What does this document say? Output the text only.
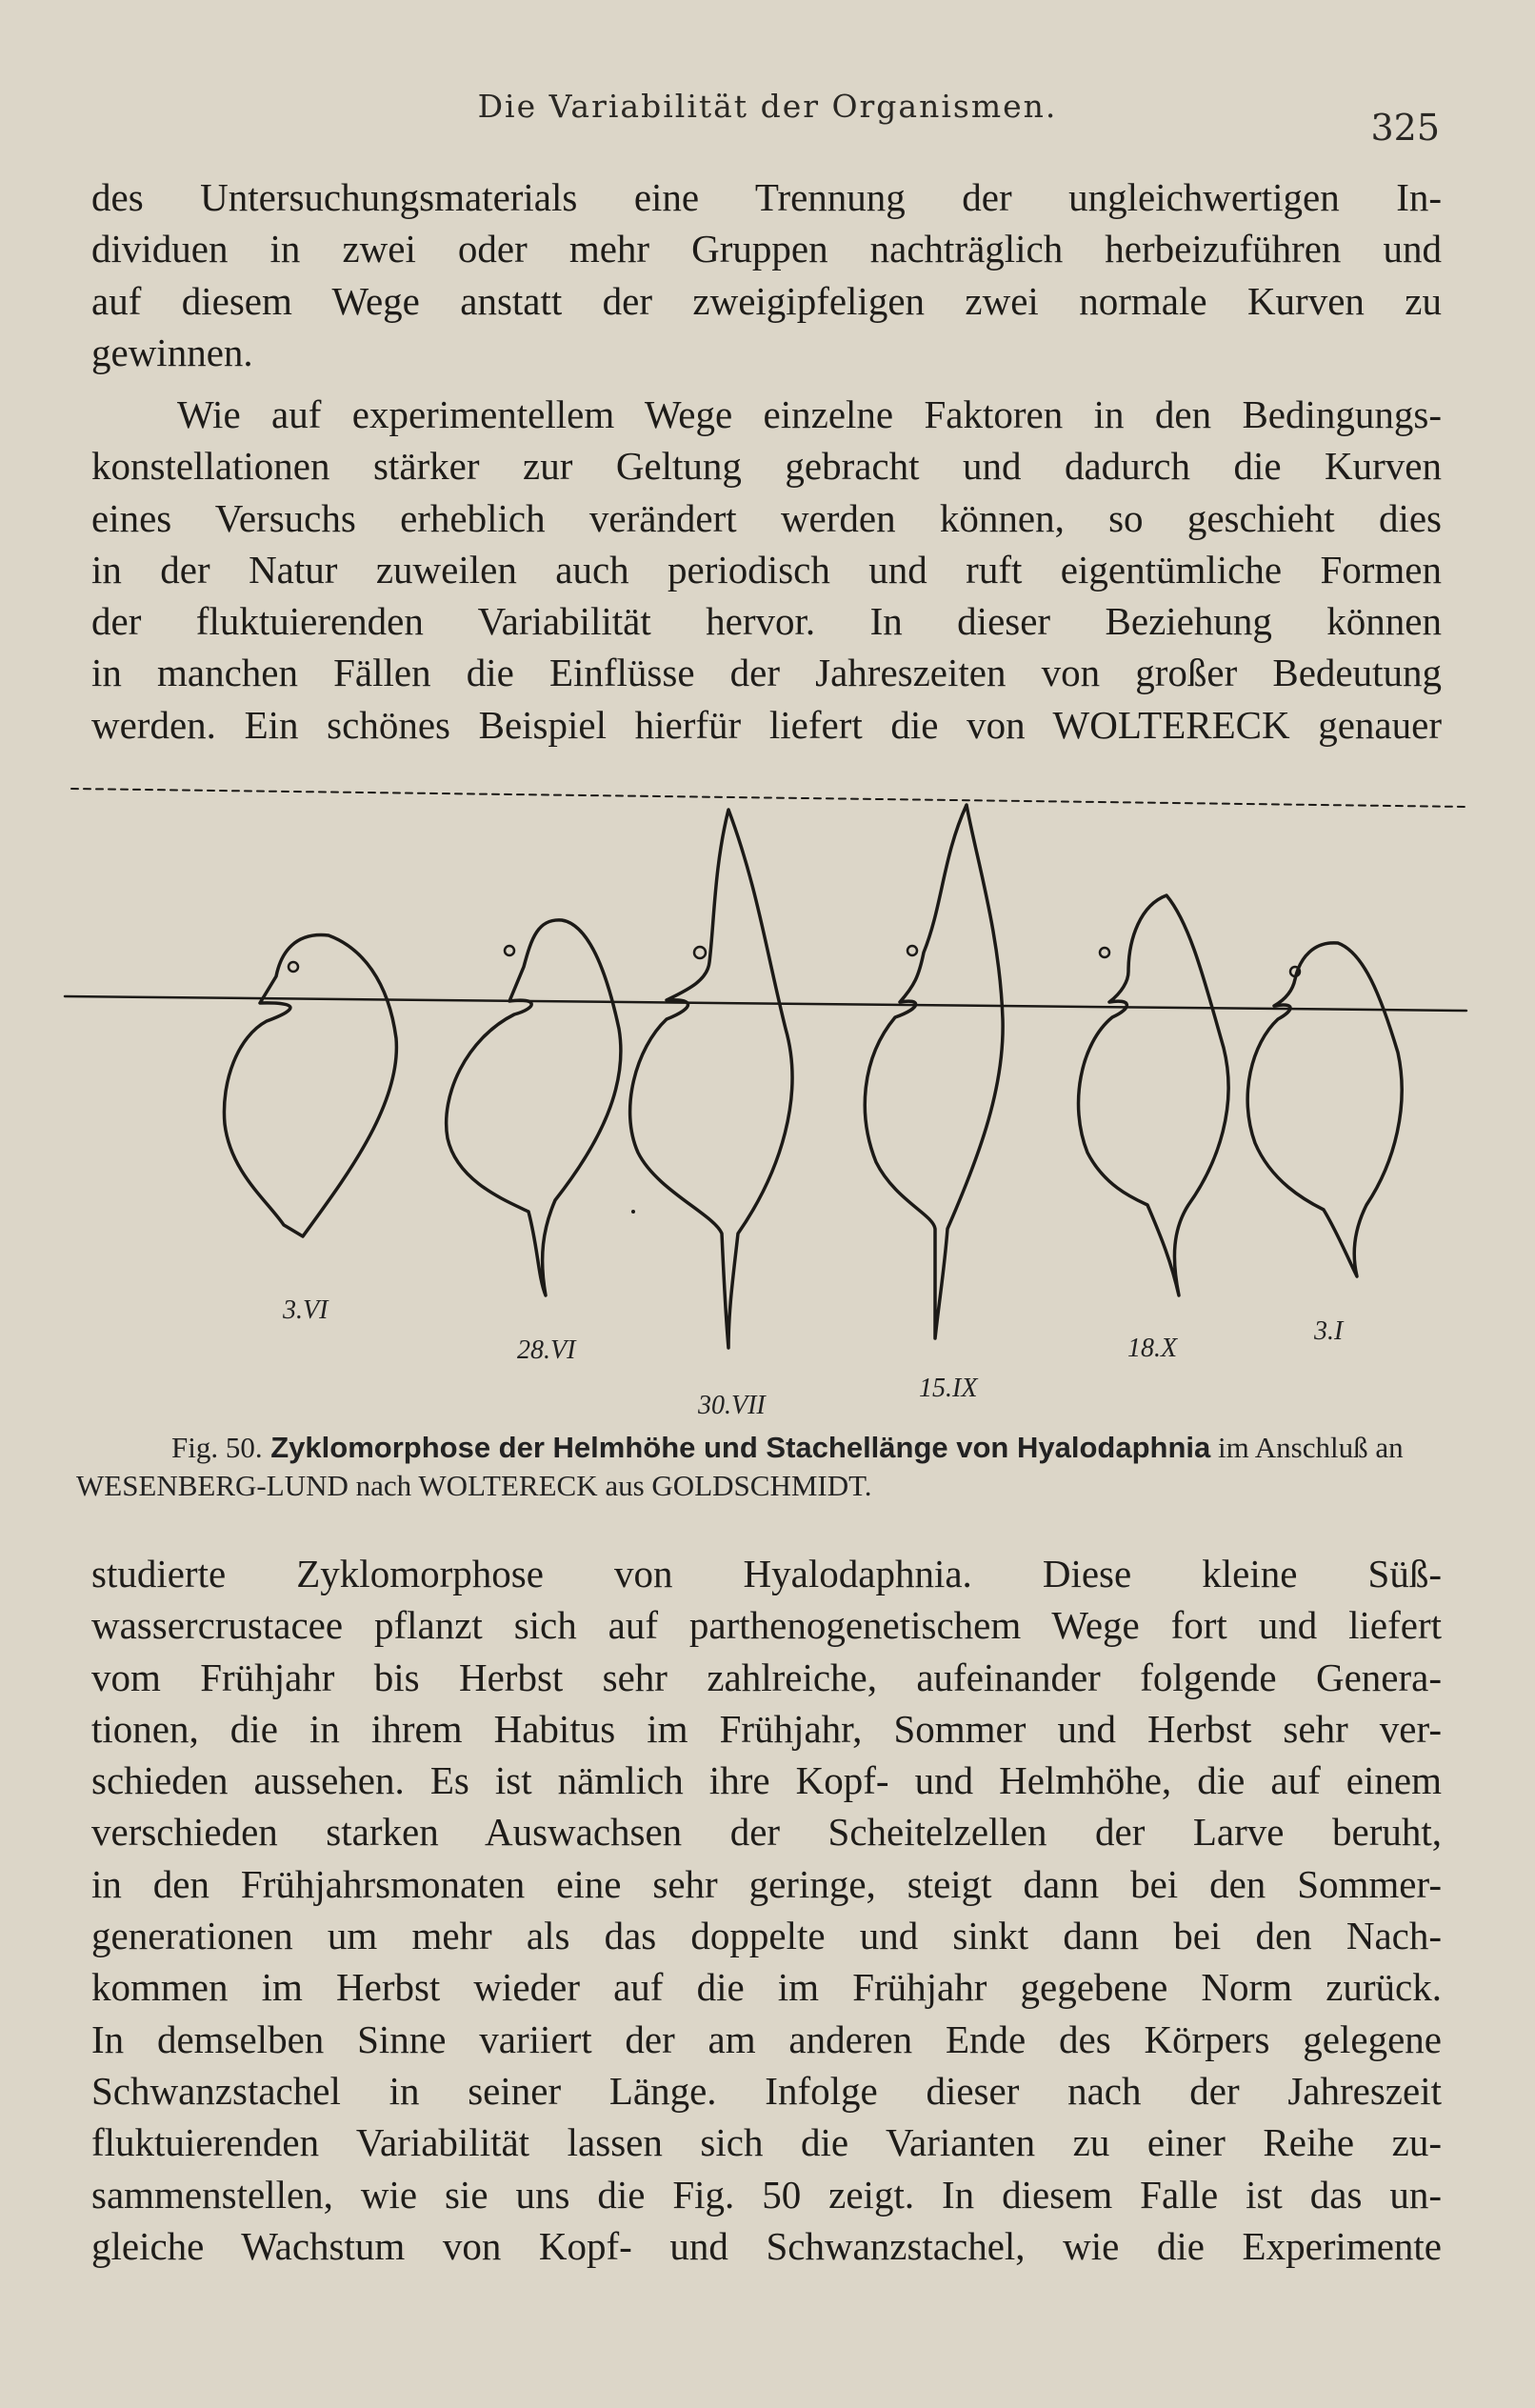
Die Variabilität der Organismen.
325

des Untersuchungsmaterials eine Trennung der ungleichwertigen In-
dividuen in zwei oder mehr Gruppen nachträglich herbeizuführen und
auf diesem Wege anstatt der zweigipfeligen zwei normale Kurven zu
gewinnen.

Wie auf experimentellem Wege einzelne Faktoren in den Bedingungs-
konstellationen stärker zur Geltung gebracht und dadurch die Kurven
eines Versuchs erheblich verändert werden können, so geschieht dies
in der Natur zuweilen auch periodisch und ruft eigentümliche Formen
der fluktuierenden Variabilität hervor. In dieser Beziehung können
in manchen Fällen die Einflüsse der Jahreszeiten von großer Bedeutung
werden. Ein schönes Beispiel hierfür liefert die von WOLTERECK genauer

3.VI
28.VI
30.VII
15.IX
18.X
3.I
Fig. 50. Zyklomorphose der Helmhöhe und Stachellänge von Hyalodaphnia im Anschluß an WESENBERG-LUND nach WOLTERECK aus GOLDSCHMIDT.

studierte Zyklomorphose von Hyalodaphnia. Diese kleine Süß-
wassercrustacee pflanzt sich auf parthenogenetischem Wege fort und liefert
vom Frühjahr bis Herbst sehr zahlreiche, aufeinander folgende Genera-
tionen, die in ihrem Habitus im Frühjahr, Sommer und Herbst sehr ver-
schieden aussehen. Es ist nämlich ihre Kopf- und Helmhöhe, die auf einem
verschieden starken Auswachsen der Scheitelzellen der Larve beruht,
in den Frühjahrsmonaten eine sehr geringe, steigt dann bei den Sommer-
generationen um mehr als das doppelte und sinkt dann bei den Nach-
kommen im Herbst wieder auf die im Frühjahr gegebene Norm zurück.
In demselben Sinne variiert der am anderen Ende des Körpers gelegene
Schwanzstachel in seiner Länge. Infolge dieser nach der Jahreszeit
fluktuierenden Variabilität lassen sich die Varianten zu einer Reihe zu-
sammenstellen, wie sie uns die Fig. 50 zeigt. In diesem Falle ist das un-
gleiche Wachstum von Kopf- und Schwanzstachel, wie die Experimente
